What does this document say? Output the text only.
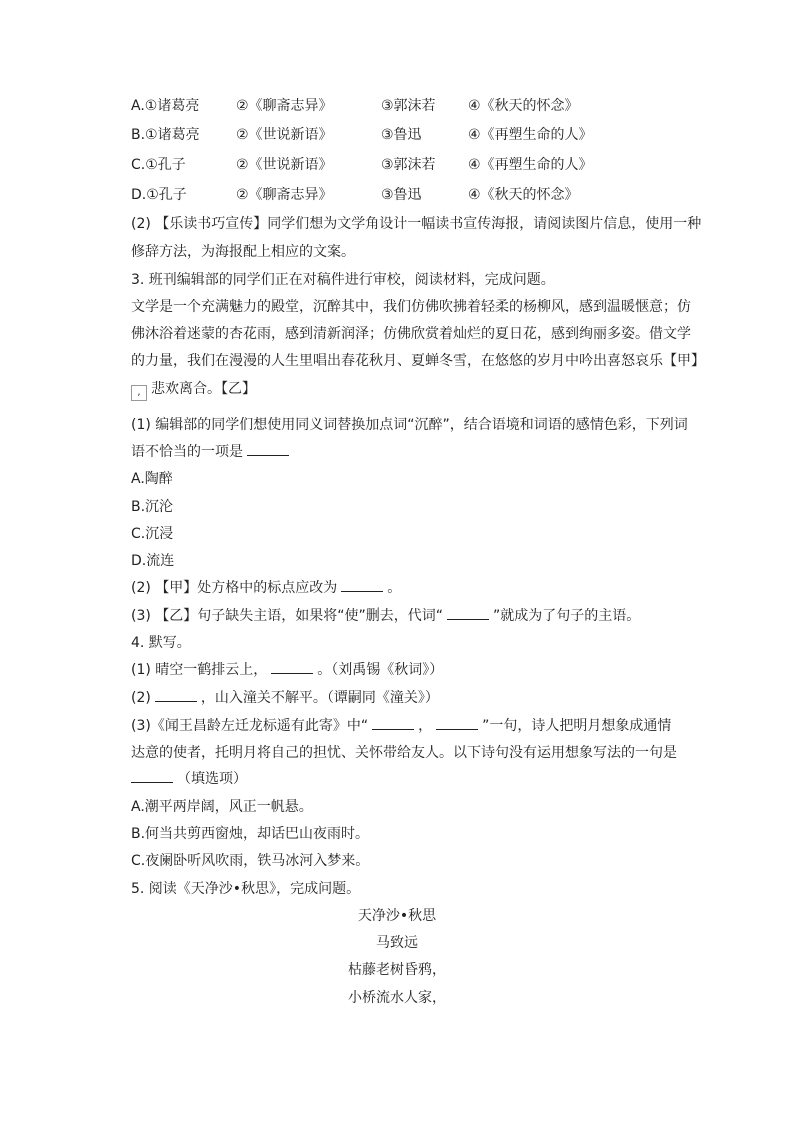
A.①诸葛亮	②《聊斋志异》	③郭沫若 ④《秋天的怀念》
B.①诸葛亮	②《世说新语》	③鲁迅	④《再塑生命的人》
C.①孔子	②《世说新语》	③郭沫若 ④《再塑生命的人》
D.①孔子	②《聊斋志异》	③鲁迅	④《秋天的怀念》
(2) 【乐读书巧宣传】同学们想为文学角设计一幅读书宣传海报，请阅读图片信息，使用一种
修辞方法，为海报配上相应的文案。
3. 班刊编辑部的同学们正在对稿件进行审校，阅读材料，完成问题。
文学是一个充满魅力的殿堂，沉醉其中，我们仿佛吹拂着轻柔的杨柳风，感到温暖惬意；仿
佛沐浴着迷蒙的杏花雨，感到清新润泽；仿佛欣赏着灿烂的夏日花，感到绚丽多姿。借文学
的力量，我们在漫漫的人生里唱出春花秋月、夏蝉冬雪，在悠悠的岁月中吟出喜怒哀乐【甲】
, 悲欢离合。【乙】
(1) 编辑部的同学们想使用同义词替换加点词“沉醉”，结合语境和词语的感情色彩，下列词
语不恰当的一项是
A.陶醉
B.沉沦
C.沉浸
D.流连
(2) 【甲】处方格中的标点应改为	。
(3) 【乙】句子缺失主语，如果将“使”删去，代词“	”就成为了句子的主语。
4. 默写。
(1) 晴空一鹤排云上，	。（刘禹锡《秋词》）
(2)	，山入潼关不解平。（谭嗣同《潼关》）
(3)《闻王昌龄左迁龙标遥有此寄》中“	，	”一句，诗人把明月想象成通情
达意的使者，托明月将自己的担忧、关怀带给友人。以下诗句没有运用想象写法的一句是
（填选项）
A.潮平两岸阔，风正一帆悬。
B.何当共剪西窗烛，却话巴山夜雨时。
C.夜阑卧听风吹雨，铁马冰河入梦来。
5. 阅读《天净沙•秋思》，完成问题。
天净沙•秋思
马致远
枯藤老树昏鸦，
小桥流水人家，
